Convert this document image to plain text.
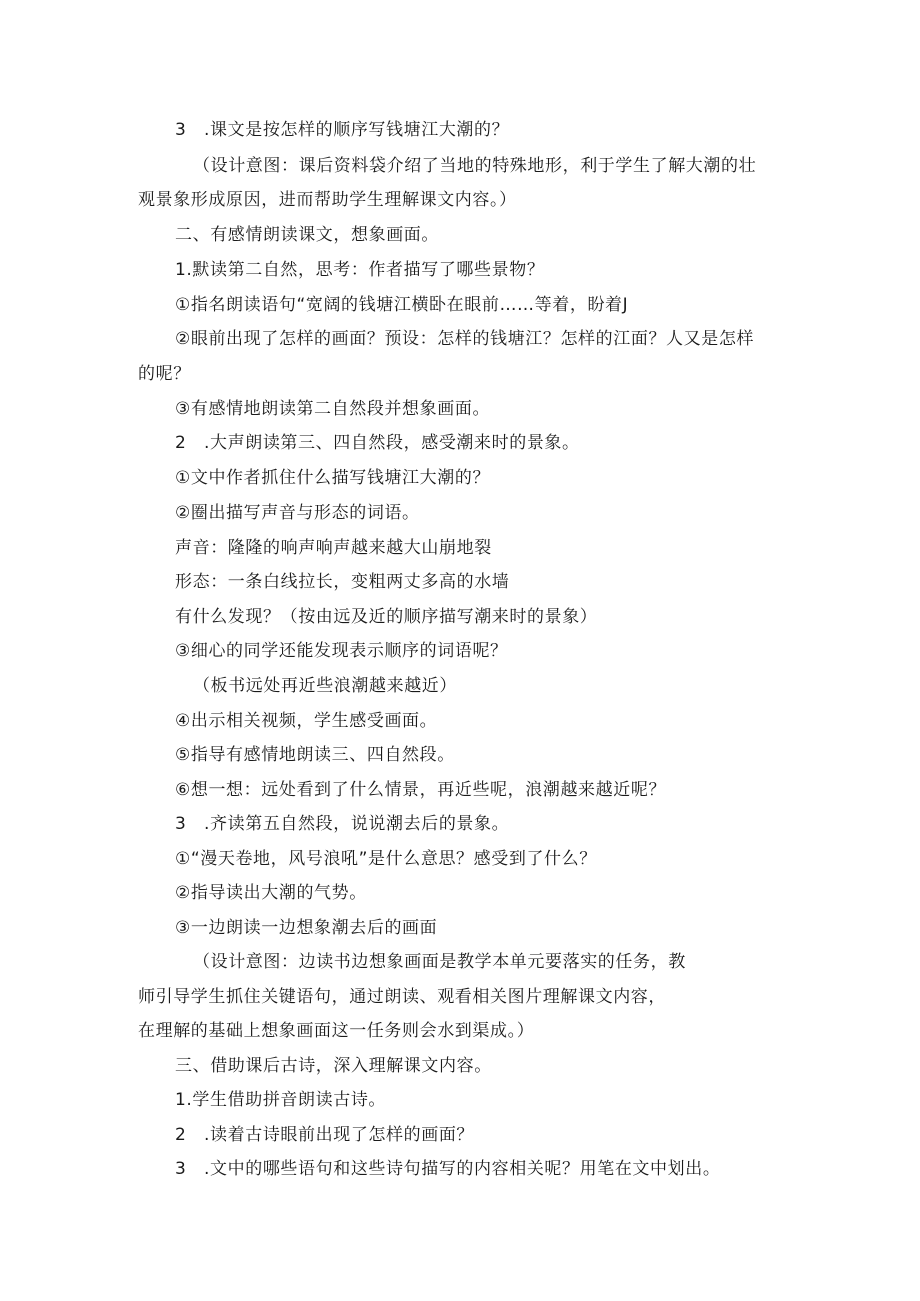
3　.课文是按怎样的顺序写钱塘江大潮的？
（设计意图：课后资料袋介绍了当地的特殊地形，利于学生了解大潮的壮
观景象形成原因，进而帮助学生理解课文内容。）
二、有感情朗读课文，想象画面。
1.默读第二自然，思考：作者描写了哪些景物？
①指名朗读语句“宽阔的钱塘江横卧在眼前……等着，盼着J
②眼前出现了怎样的画面？预设：怎样的钱塘江？怎样的江面？人又是怎样
的呢？
③有感情地朗读第二自然段并想象画面。
2　.大声朗读第三、四自然段，感受潮来时的景象。
①文中作者抓住什么描写钱塘江大潮的？
②圈出描写声音与形态的词语。
声音：隆隆的响声响声越来越大山崩地裂
形态：一条白线拉长，变粗两丈多高的水墙
有什么发现？（按由远及近的顺序描写潮来时的景象）
③细心的同学还能发现表示顺序的词语呢？
（板书远处再近些浪潮越来越近）
④出示相关视频，学生感受画面。
⑤指导有感情地朗读三、四自然段。
⑥想一想：远处看到了什么情景，再近些呢，浪潮越来越近呢？
3　.齐读第五自然段，说说潮去后的景象。
①“漫天卷地，风号浪吼”是什么意思？感受到了什么？
②指导读出大潮的气势。
③一边朗读一边想象潮去后的画面
（设计意图：边读书边想象画面是教学本单元要落实的任务，教
师引导学生抓住关键语句，通过朗读、观看相关图片理解课文内容，
在理解的基础上想象画面这一任务则会水到渠成。）
三、借助课后古诗，深入理解课文内容。
1.学生借助拼音朗读古诗。
2　.读着古诗眼前出现了怎样的画面？
3　.文中的哪些语句和这些诗句描写的内容相关呢？用笔在文中划出。
